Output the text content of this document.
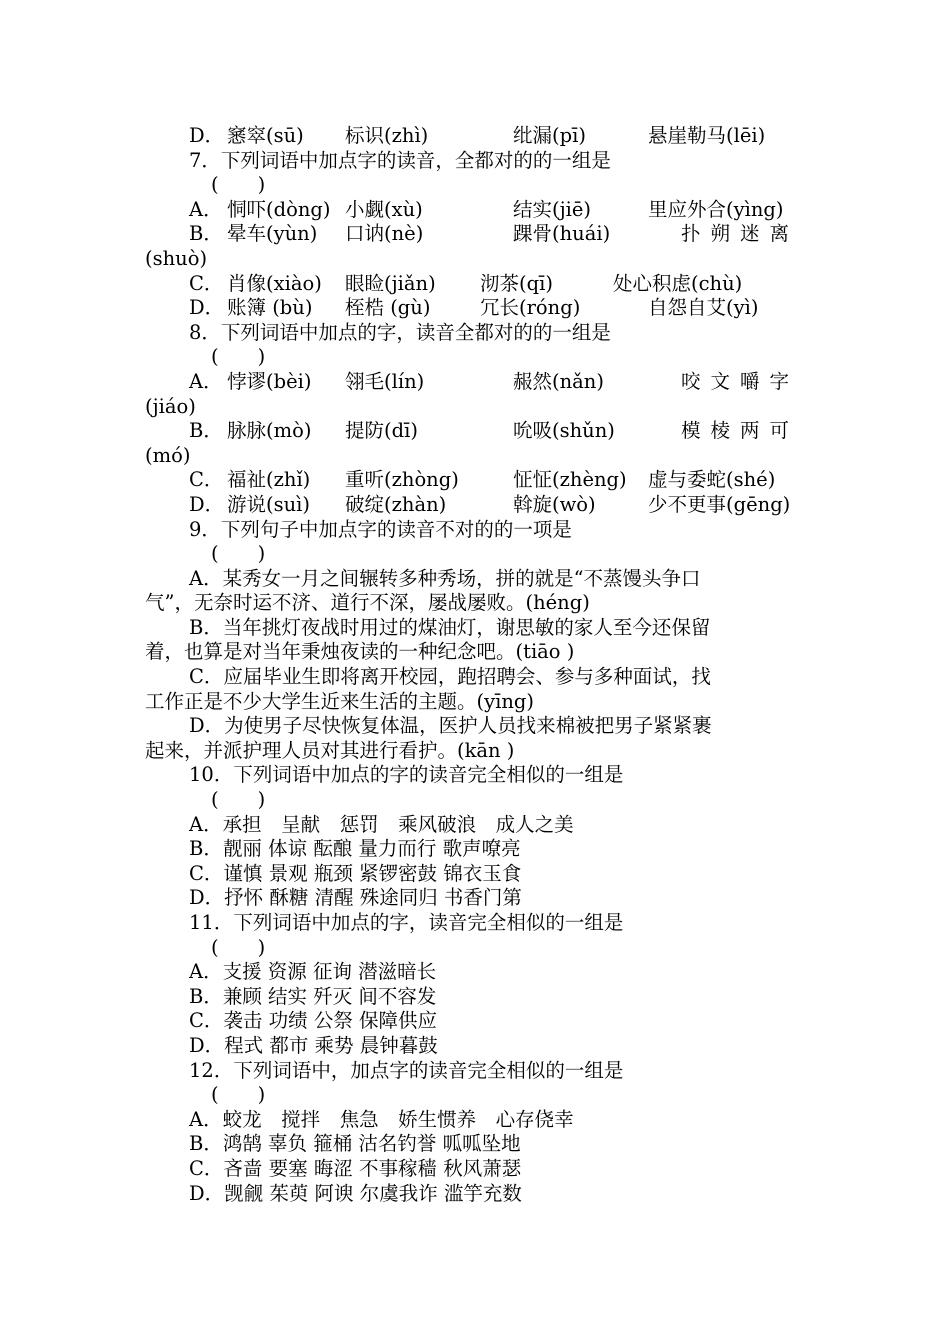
D． 窸窣(sū) 标识(zhì)	纰漏(pī)	悬崖勒马(lēi)
7．下列词语中加点字的读音，全都对的的一组是
(　　)
A． 恫吓(dòng) 小觑(xù)	结实(jiē)	里应外合(yìng)
B． 晕车(yùn) 口讷(nè)	踝骨(huái)	扑朔迷离
(shuò)
C． 肖像(xiào) 眼睑(jiǎn) 沏茶(qī)	处心积虑(chù)
D． 账簿 (bù) 桎梏 (gù)	冗长(róng)	自怨自艾(yì)
8．下列词语中加点的字，读音全都对的的一组是
(　　)
A． 悖谬(bèi) 翎毛(lín)	赧然(nǎn)	咬文嚼字
(jiáo)
B． 脉脉(mò) 提防(dī)	吮吸(shǔn)	模棱两可
(mó)
C． 福祉(zhǐ) 重听(zhòng)	怔怔(zhèng) 虚与委蛇(shé)
D． 游说(suì) 破绽(zhàn)	斡旋(wò)	少不更事(gēng)
9．下列句子中加点字的读音不对的的一项是
(　　)
A．某秀女一月之间辗转多种秀场，拼的就是“不蒸馒头争口
气”，无奈时运不济、道行不深，屡战屡败。(héng)
B．当年挑灯夜战时用过的煤油灯，谢思敏的家人至今还保留
着，也算是对当年秉烛夜读的一种纪念吧。(tiāo )
C．应届毕业生即将离开校园，跑招聘会、参与多种面试，找
工作正是不少大学生近来生活的主题。(yīng)
D．为使男子尽快恢复体温，医护人员找来棉被把男子紧紧裹
起来，并派护理人员对其进行看护。(kān )
10．下列词语中加点的字的读音完全相似的一组是
(　　)
A．承担　呈献　惩罚　乘风破浪　成人之美
B．靓丽 体谅 酝酿 量力而行 歌声嘹亮
C．谨慎 景观 瓶颈 紧锣密鼓 锦衣玉食
D．抒怀 酥糖 清醒 殊途同归 书香门第
11．下列词语中加点的字，读音完全相似的一组是
(　　)
A．支援 资源 征询 潜滋暗长
B．兼顾 结实 歼灭 间不容发
C．袭击 功绩 公祭 保障供应
D．程式 都市 乘势 晨钟暮鼓
12．下列词语中，加点字的读音完全相似的一组是
(　　)
A．蛟龙　搅拌　焦急　娇生惯养　心存侥幸
B．鸿鹄 辜负 箍桶 沽名钓誉 呱呱坠地
C．吝啬 要塞 晦涩 不事稼穑 秋风萧瑟
D．觊觎 茱萸 阿谀 尔虞我诈 滥竽充数
